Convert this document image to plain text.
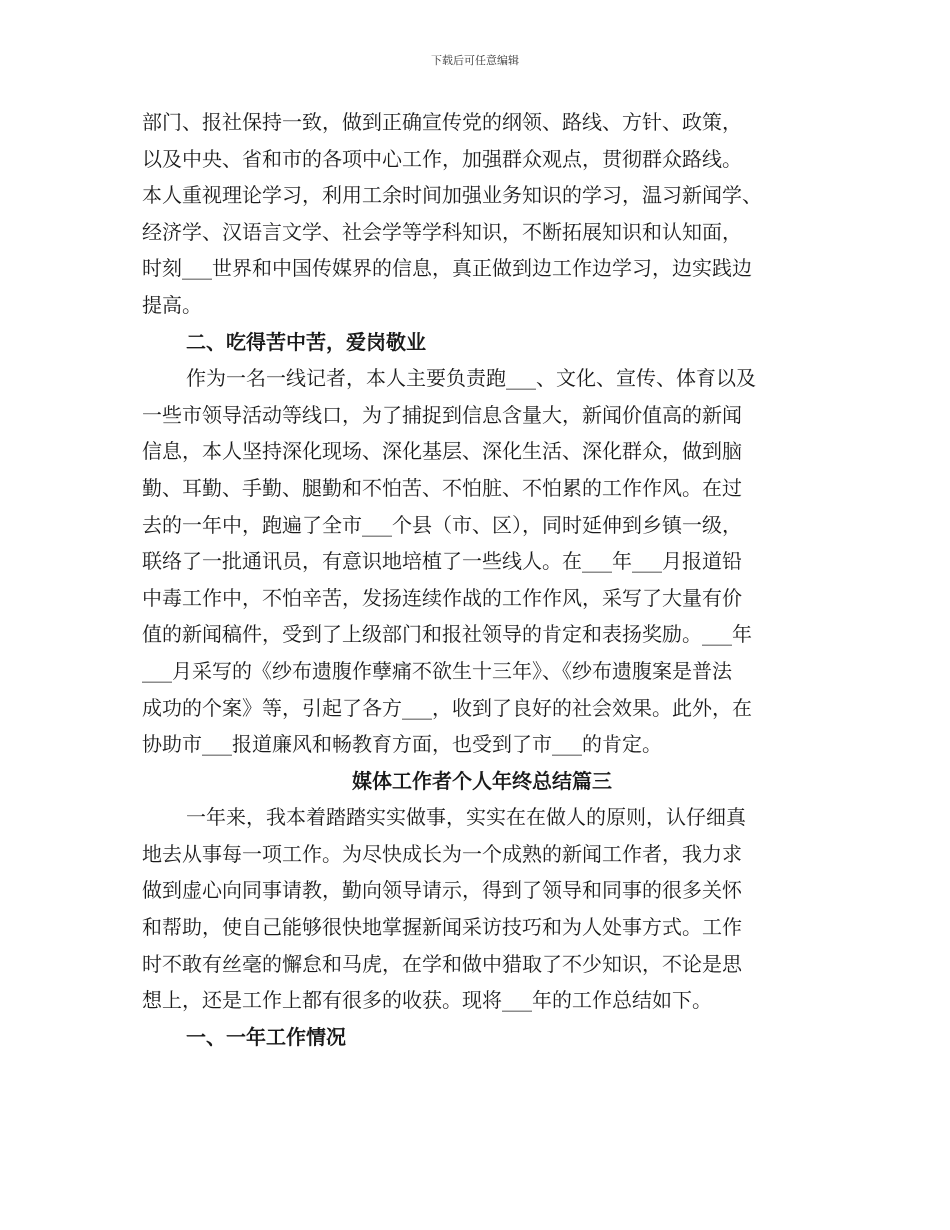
下载后可任意编辑
部门、报社保持一致，做到正确宣传党的纲领、路线、方针、政策，
以及中央、省和市的各项中心工作，加强群众观点，贯彻群众路线。
本人重视理论学习，利用工余时间加强业务知识的学习，温习新闻学、
经济学、汉语言文学、社会学等学科知识，不断拓展知识和认知面，
时刻___世界和中国传媒界的信息，真正做到边工作边学习，边实践边
提高。
二、吃得苦中苦，爱岗敬业
作为一名一线记者，本人主要负责跑___、文化、宣传、体育以及
一些市领导活动等线口，为了捕捉到信息含量大，新闻价值高的新闻
信息，本人坚持深化现场、深化基层、深化生活、深化群众，做到脑
勤、耳勤、手勤、腿勤和不怕苦、不怕脏、不怕累的工作作风。在过
去的一年中，跑遍了全市___个县（市、区），同时延伸到乡镇一级，
联络了一批通讯员，有意识地培植了一些线人。在___年___月报道铅
中毒工作中，不怕辛苦，发扬连续作战的工作作风，采写了大量有价
值的新闻稿件，受到了上级部门和报社领导的肯定和表扬奖励。___年
___月采写的《纱布遗腹作孽痛不欲生十三年》、《纱布遗腹案是普法
成功的个案》等，引起了各方___，收到了良好的社会效果。此外，在
协助市___报道廉风和畅教育方面，也受到了市___的肯定。
媒体工作者个人年终总结篇三
一年来，我本着踏踏实实做事，实实在在做人的原则，认仔细真
地去从事每一项工作。为尽快成长为一个成熟的新闻工作者，我力求
做到虚心向同事请教，勤向领导请示，得到了领导和同事的很多关怀
和帮助，使自己能够很快地掌握新闻采访技巧和为人处事方式。工作
时不敢有丝毫的懈怠和马虎，在学和做中猎取了不少知识，不论是思
想上，还是工作上都有很多的收获。现将___年的工作总结如下。
一、一年工作情况
